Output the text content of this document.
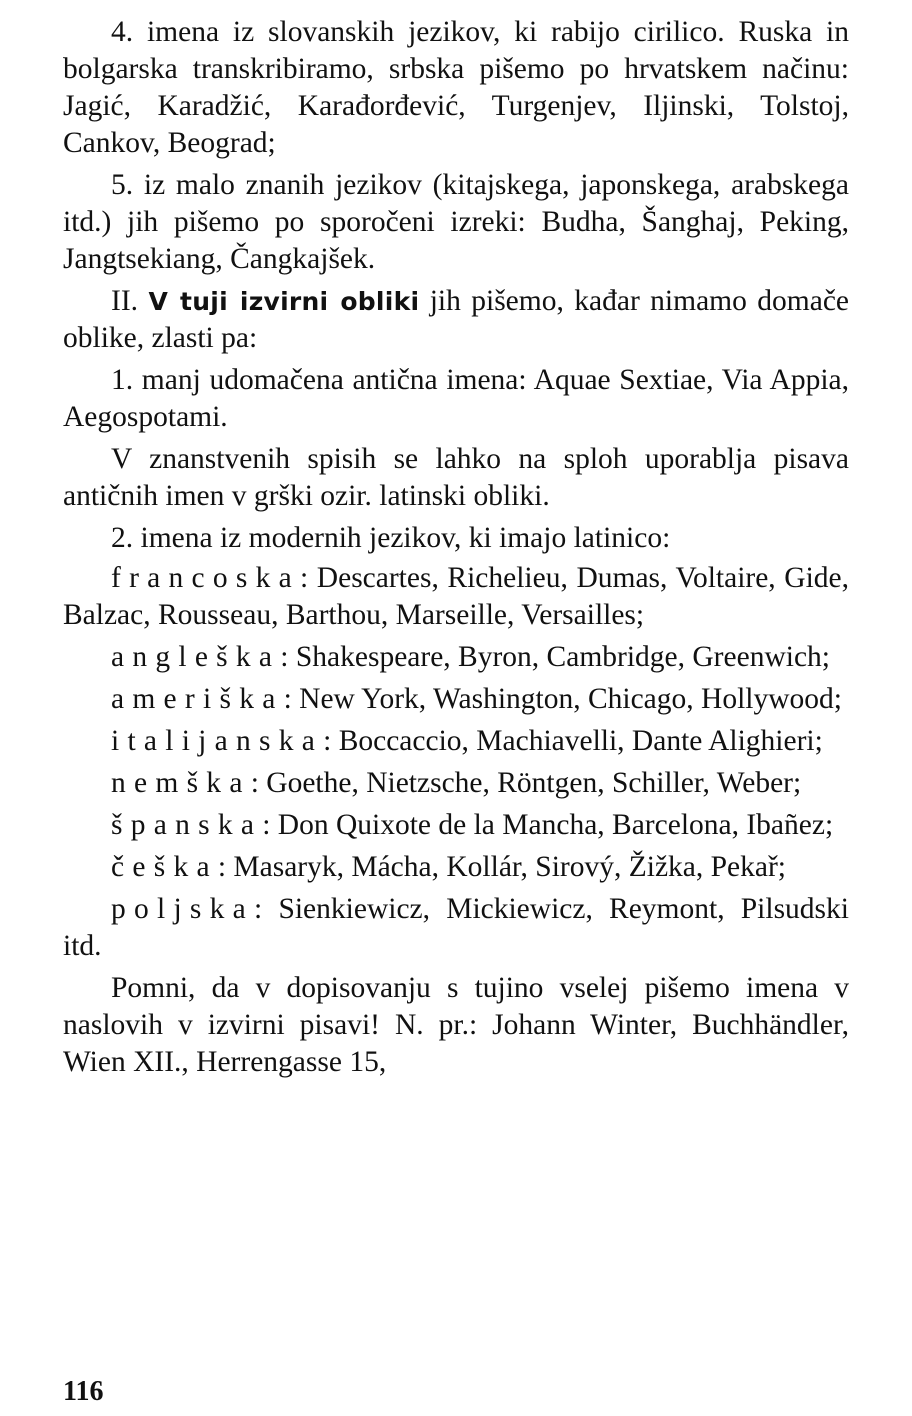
4. imena iz slovanskih jezikov, ki rabijo cirilico. Ruska in bolgarska transkribiramo, srbska pišemo po hrvatskem načinu: Jagić, Karadžić, Karađorđević, Turgenjev, Iljinski, Tolstoj, Cankov, Beograd;

5. iz malo znanih jezikov (kitajskega, japonskega, arabskega itd.) jih pišemo po sporočeni izreki: Budha, Šanghaj, Peking, Jangtsekiang, Čangkajšek.

II. V tuji izvirni obliki jih pišemo, kađar nimamo domače oblike, zlasti pa:

1. manj udomačena antična imena: Aquae Sextiae, Via Appia, Aegospotami.

V znanstvenih spisih se lahko na sploh uporablja pisava antičnih imen v grški ozir. latinski obliki.

2. imena iz modernih jezikov, ki imajo latinico:

francoska: Descartes, Richelieu, Dumas, Voltaire, Gide, Balzac, Rousseau, Barthou, Marseille, Versailles;

angleška: Shakespeare, Byron, Cambridge, Greenwich;

ameriška: New York, Washington, Chicago, Hollywood;

italijanska: Boccaccio, Machiavelli, Dante Alighieri;

nemška: Goethe, Nietzsche, Röntgen, Schiller, Weber;

španska: Don Quixote de la Mancha, Barcelona, Ibañez;

češka: Masaryk, Mácha, Kollár, Sirový, Žižka, Pekař;

poljska: Sienkiewicz, Mickiewicz, Reymont, Pilsudski itd.

Pomni, da v dopisovanju s tujino vselej pišemo imena v naslovih v izvirni pisavi! N. pr.: Johann Winter, Buchhändler, Wien XII., Herrengasse 15,

116
